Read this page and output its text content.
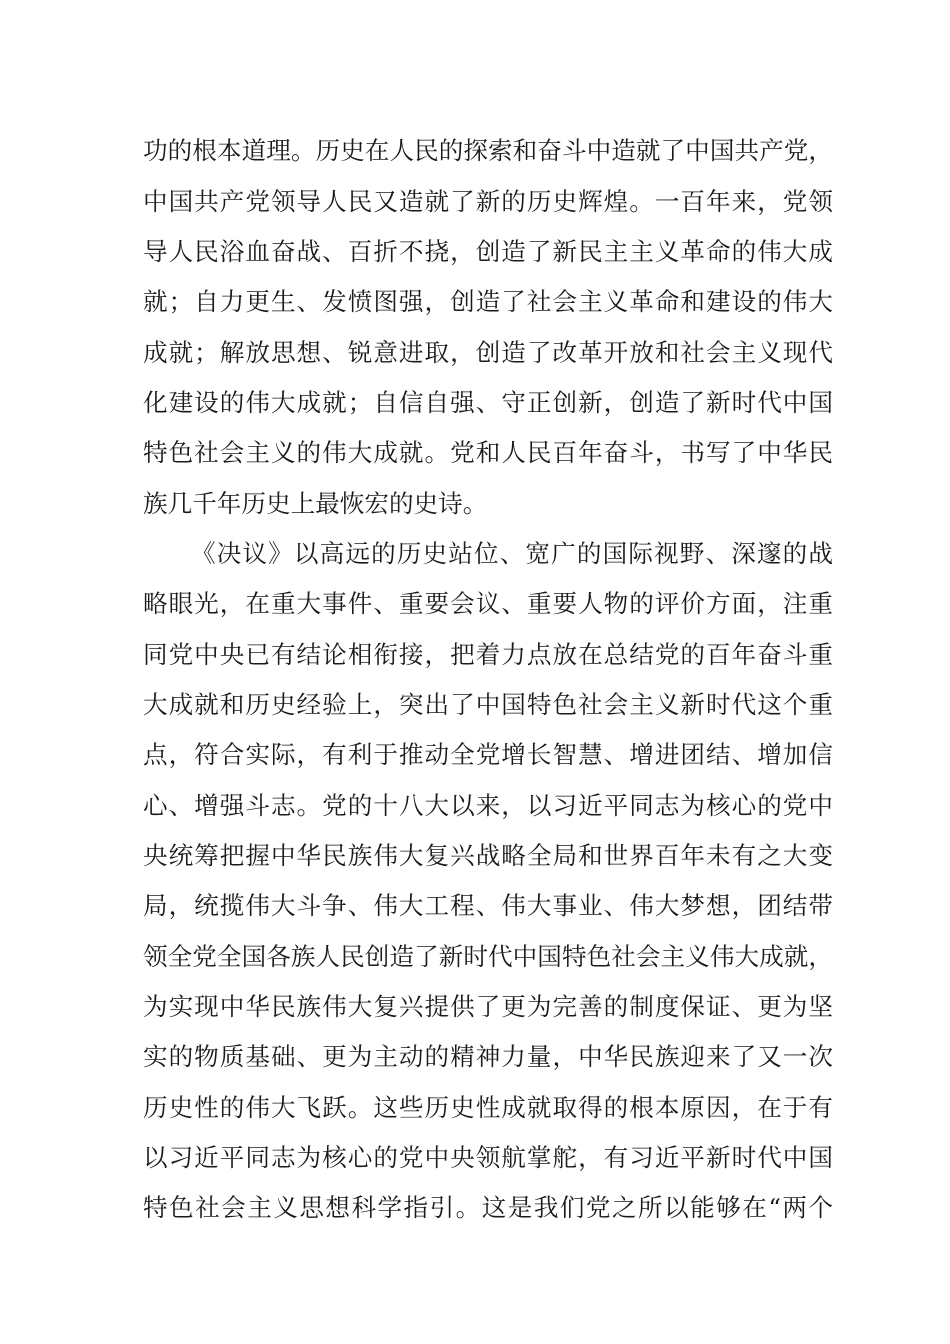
功的根本道理。历史在人民的探索和奋斗中造就了中国共产党，
中国共产党领导人民又造就了新的历史辉煌。一百年来，党领
导人民浴血奋战、百折不挠，创造了新民主主义革命的伟大成
就；自力更生、发愤图强，创造了社会主义革命和建设的伟大
成就；解放思想、锐意进取，创造了改革开放和社会主义现代
化建设的伟大成就；自信自强、守正创新，创造了新时代中国
特色社会主义的伟大成就。党和人民百年奋斗，书写了中华民
族几千年历史上最恢宏的史诗。
《决议》以高远的历史站位、宽广的国际视野、深邃的战
略眼光，在重大事件、重要会议、重要人物的评价方面，注重
同党中央已有结论相衔接，把着力点放在总结党的百年奋斗重
大成就和历史经验上，突出了中国特色社会主义新时代这个重
点，符合实际，有利于推动全党增长智慧、增进团结、增加信
心、增强斗志。党的十八大以来，以习近平同志为核心的党中
央统筹把握中华民族伟大复兴战略全局和世界百年未有之大变
局，统揽伟大斗争、伟大工程、伟大事业、伟大梦想，团结带
领全党全国各族人民创造了新时代中国特色社会主义伟大成就，
为实现中华民族伟大复兴提供了更为完善的制度保证、更为坚
实的物质基础、更为主动的精神力量，中华民族迎来了又一次
历史性的伟大飞跃。这些历史性成就取得的根本原因，在于有
以习近平同志为核心的党中央领航掌舵，有习近平新时代中国
特色社会主义思想科学指引。这是我们党之所以能够在“两个
